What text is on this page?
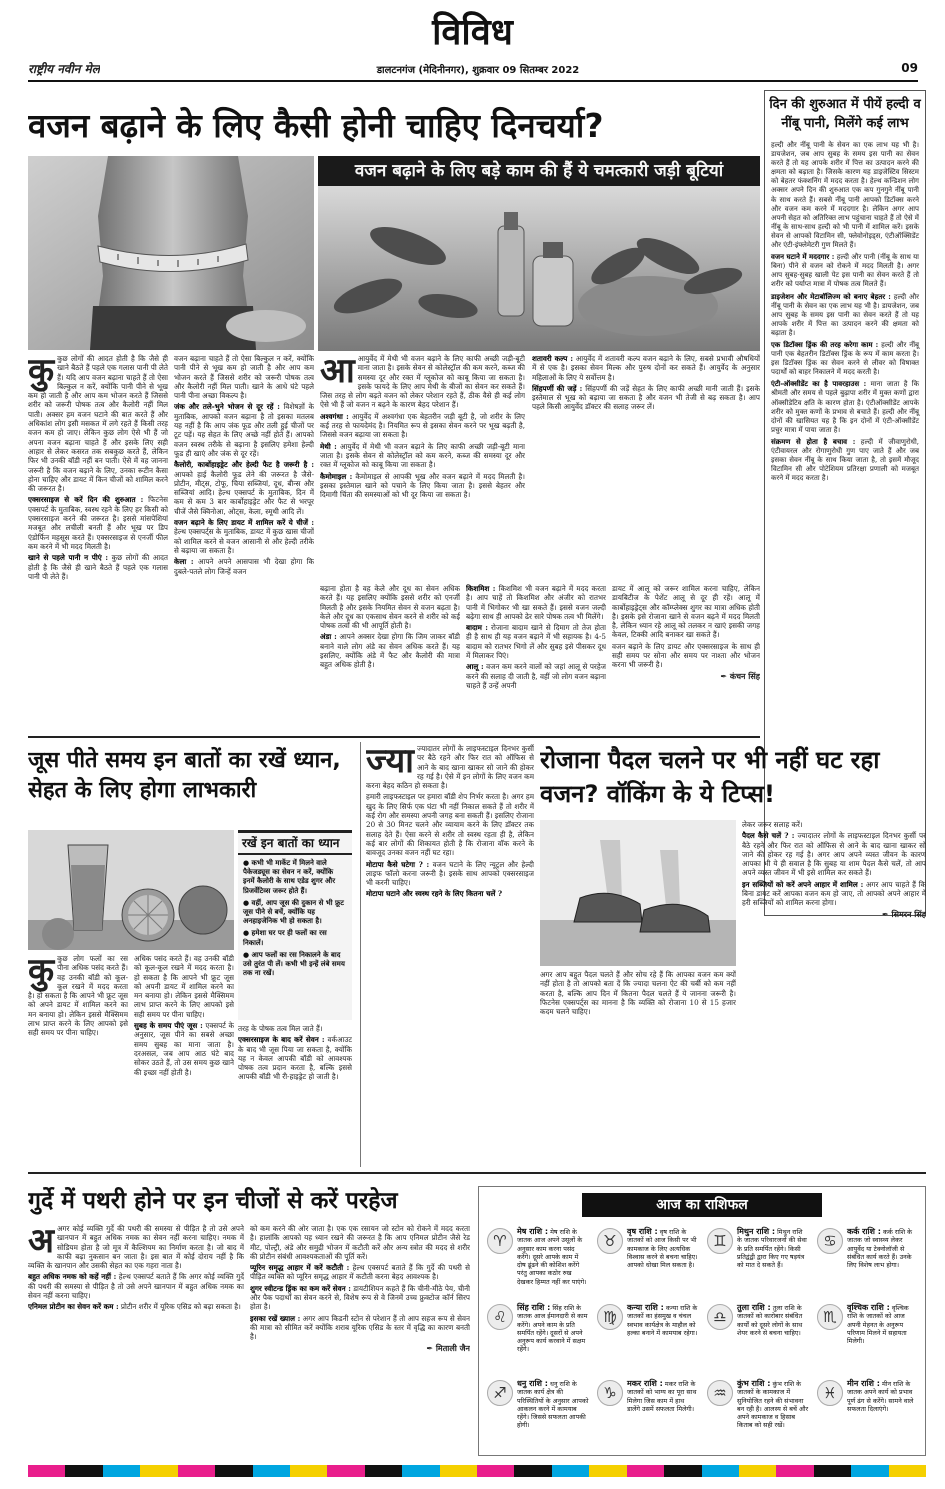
विविध
राष्ट्रीय नवीन मेल	डालटनगंज (मेदिनीनगर), शुक्रवार 09 सितम्बर 2022	09
वजन बढ़ाने के लिए कैसी होनी चाहिए दिनचर्या?
वजन बढ़ाने के लिए बड़े काम की हैं ये चमत्कारी जड़ी बूटियां

कुकुछ लोगों की आदत होती है कि जैसे ही खाने बैठते हैं पहले एक गलास पानी पी लेते हैं। यदि आप वजन बढ़ाना चाहते हैं तो ऐसा बिल्कुल न करें, क्योंकि पानी पीने से भूख कम हो जाती है और आप कम भोजन करते हैं जिससे शरीर को जरूरी पोषक तत्व और कैलोरी नहीं मिल पाती। अक्सर हम वजन घटाने की बात करते हैं और अधिकांश लोग इसी मसकत में लगे रहते हैं किसी तरह वजन कम हो जाए। लेकिन कुछ लोग ऐसे भी हैं जो अपना वजन बढ़ाना चाहते हैं और इसके लिए सही आहार से लेकर कसरत तक सबकुछ करते हैं, लेकिन फिर भी उनकी बॉडी नहीं बन पाती। ऐसे में वह जानना जरूरी है कि वजन बढ़ाने के लिए, उनका रूटीन कैसा होना चाहिए और डायट में किन चीजों को शामिल करने की जरूरत है।

एक्सरसाइज से करें दिन की शुरुआत : फिटनेस एक्सपर्ट के मुताबिक, स्वस्थ रहने के लिए हर किसी को एक्सरसाइज करने की जरूरत है। इससे मांसपेशियां मजबूत और लचीली बनती हैं और भूख पर डिप एंडोर्फिन महसूस करते हैं। एक्सरसाइज से एनर्जी फील कम करने में भी मदद मिलती है।

खाने से पहले पानी न पीएं : कुछ लोगों की आदत होती है कि जैसे ही खाने बैठते हैं पहले एक गलास पानी पी लेते हैं।

वजन बढ़ाना चाहते हैं तो ऐसा बिल्कुल न करें, क्योंकि पानी पीने से भूख कम हो जाती है और आप कम भोजन करते हैं जिससे शरीर को जरूरी पोषक तत्व और कैलोरी नहीं मिल पाती। खाने के आधे घंटे पहले पानी पीना अच्छा विकल्प है।

जंक और तले-भुने भोजन से दूर रहें : विशेषज्ञों के मुताबिक, आपको वजन बढ़ाना है तो इसका मतलब यह नहीं है कि आप जंक फूड और तली हुई चीजों पर टूट पड़ें। यह सेहत के लिए अच्छे नहीं होते हैं। आपको वजन स्वस्थ तरीके से बढ़ाना है इसलिए हमेशा हेल्दी फूड ही खाएं और जंक से दूर रहें।

कैलोरी, कार्बोहाइड्रेट और हेल्दी फैट है जरूरी है : आपको हाई कैलोरी फूड लेने की जरूरत है जैसे- प्रोटीन, मीट्स, टोफू, चिया सब्जियां, दूध, बीन्स और सब्जियां आदि। हेल्थ एक्सपर्ट के मुताबिक, दिन में कम से कम 3 बार कार्बोहाइड्रेट और फैट से भरपूर चीजें जैसे क्विनोआ, ओट्स, केला, स्मूथी आदि लें।

वजन बढ़ाने के लिए डायट में शामिल करें ये चीजें : हेल्थ एक्सपर्ट्स के मुताबिक, डायट में कुछ खास चीजों को शामिल करने से वजन आसानी से और हेल्दी तरीके से बढ़ाया जा सकता है।

केला : आपने अपने आसपास भी देखा होगा कि दुबले-पतले लोग जिन्हें वजन

आआयुर्वेद में मेथी भी वजन बढ़ाने के लिए काफी अच्छी जड़ी-बूटी माना जाता है। इसके सेवन से कोलेस्ट्रॉल की कम करने, कब्ज की समस्या दूर और रक्त में ग्लूकोज को काबू किया जा सकता है। इसके फायदे के लिए आप मेथी के बीजों का सेवन कर सकते हैं। जिस तरह से लोग बढ़ते वजन को लेकर परेशान रहते हैं, ठीक वैसे ही कई लोग ऐसे भी हैं जो वजन न बढ़ने के कारण बेहद परेशान हैं।

अश्वगंधा : आयुर्वेद में अश्वगंधा एक बेहतरीन जड़ी बूटी है, जो शरीर के लिए कई तरह से फायदेमंद है। नियमित रूप से इसका सेवन करने पर भूख बढ़ती है, जिससे वजन बढ़ाया जा सकता है।

मेथी : आयुर्वेद में मेथी भी वजन बढ़ाने के लिए काफी अच्छी जड़ी-बूटी माना जाता है। इसके सेवन से कोलेस्ट्रॉल को कम करने, कब्ज की समस्या दूर और रक्त में ग्लूकोज को काबू किया जा सकता है।

कैमोमाइल : कैमोमाइल से आपकी भूख और वजन बढ़ाने में मदद मिलती है। इसका इस्तेमाल खाने को पचाने के लिए किया जाता है। इससे बेहतर और दिमागी चिंता की समस्याओं को भी दूर किया जा सकता है।

शतावरी कल्प : आयुर्वेद में शतावरी कल्प वजन बढ़ाने के लिए, सबसे प्रभावी औषधियों में से एक है। इसका सेवन मिल्क और पुरुष दोनों कर सकते हैं। आयुर्वेद के अनुसार महिलाओं के लिए ये सर्वोत्तम है।

सिंहपर्णी की जड़ें : सिंहपर्णी की जड़ें सेहत के लिए काफी अच्छी मानी जाती हैं। इसके इस्तेमाल से भूख को बढ़ाया जा सकता है और वजन भी तेजी से बढ़ सकता है। आप पहले किसी आयुर्वेद डॉक्टर की सलाह जरूर लें।

बढ़ाना होता है वह केले और दूध का सेवन अधिक करते हैं। यह इसलिए क्योंकि इससे शरीर को एनर्जी मिलती है और इसके नियमित सेवन से वजन बढ़ता है। केले और दूध का एकसाथ सेवन करने से शरीर को कई पोषक तत्वों की भी आपूर्ति होती है।

अंडा : आपने अक्सर देखा होगा कि जिम जाकर बॉडी बनाने वाले लोग अंडे का सेवन अधिक करते हैं। यह इसलिए, क्योंकि अंडे में फैट और कैलोरी की मात्रा बहुत अधिक होती है।

किशमिश : किशमिश भी वजन बढ़ाने में मदद करता है। आप चाहें तो किशमिश और अंजीर को रातभर पानी में भिगोकर भी खा सकते हैं। इससे वजन जल्दी बढ़ेगा साथ ही आपको ढेर सारे पोषक तत्व भी मिलेंगे।

बादाम : रोजाना बादाम खाने से दिमाग तो तेज होता ही है साथ ही यह वजन बढ़ाने में भी सहायक है। 4-5 बादाम को रातभर भिगो लें और सुबह इसे पीसकर दूध में मिलाकर पिएं।

आलू : वजन कम करने वालों को जहां आलू से परहेज करने की सलाह दी जाती है, वहीं जो लोग वजन बढ़ाना चाहते हैं उन्हें अपनी

डायट में आलू को जरूर शामिल करना चाहिए, लेकिन डायबिटीज के पेशेंट आलू से दूर ही रहें। आलू में कार्बोहाइड्रेट्स और कॉम्प्लेक्स शुगर का मात्रा अधिक होती है। इसके इसे रोजाना खाने से वजन बढ़ने में मदद मिलती है, लेकिन ध्यान रहे आलू को तलकर न खाएं इसकी जगह केवल, टिक्की आदि बनाकर खा सकते हैं।

वजन बढ़ाने के लिए डायट और एक्सरसाइज के साथ ही सही समय पर सोना और समय पर नाश्ता और भोजन करना भी जरूरी है।

✒ कंचन सिंह
दिन की शुरुआत में पीयें हल्दी व नींबू पानी, मिलेंगे कई लाभ

हल्दी और नींबू पानी के सेवन का एक लाभ यह भी है। डायजेशन, जब आप सुबह के समय इस पानी का सेवन करते हैं तो यह आपके शरीर में पित्त का उत्पादन करने की क्षमता को बढ़ाता है। जिसके कारण यह डाइजेस्टिव सिस्टम को बेहतर फंक्शनिंग में मदद करता है। हेल्थ कन्डिशन लोग अक्सर अपने दिन की शुरुआत एक कप गुनगुने नींबू पानी के साथ करते हैं। सबसे नींबू पानी आपको डिटॉक्स करने और वजन कम करने में मददगार है। लेकिन अगर आप अपनी सेहत को अतिरिक्त लाभ पहुंचाना चाहते हैं तो ऐसे में नींबू के साथ-साथ हल्दी को भी पानी में शामिल करें। इसके सेवन से आपको विटामिन सी, फ्लेवोनोइड्स, एंटीऑक्सिडेंट और एंटी-इंफ्लेमेटरी गुण मिलते हैं।

वजन घटाने में मददगार : हल्दी और पानी (नींबू के साथ या बिना) पीने से वजन को रोकने में मदद मिलती है। अगर आप सुबह-सुबह खाली पेट इस पानी का सेवन करते हैं तो शरीर को पर्याप्त मात्रा में पोषक तत्व मिलते हैं।

डाइजेशन और मेटाबॉलिज्म को बनाए बेहतर : हल्दी और नींबू पानी के सेवन का एक लाभ यह भी है। डायजेशन, जब आप सुबह के समय इस पानी का सेवन करते हैं तो यह आपके शरीर में पित्त का उत्पादन करने की क्षमता को बढ़ाता है।

एक डिटॉक्स ड्रिंक की तरह करेगा काम : हल्दी और नींबू पानी एक बेहतरीन डिटॉक्स ड्रिंक के रूप में काम करता है। इस डिटॉक्स ड्रिंक का सेवन करने से लीवर को विषाक्त पदार्थों को बाहर निकालने में मदद करती है।

एंटी-ऑक्सीडेंट का है पावरहाउस : माना जाता है कि श्रीमती और समय से पहले बुढ़ापा शरीर में मुक्त कणों द्वारा ऑक्सीडेटिव क्षति के कारण होता है। एंटीऑक्सीडेंट आपके शरीर को मुक्त कणों के प्रभाव से बचाते हैं। हल्दी और नींबू दोनों की खासियत यह है कि इन दोनों में एंटी-ऑक्सीडेंट प्रचुर मात्रा में पाया जाता है।

संक्रमण से होता है बचाव : हल्दी में जीवाणुरोधी, एंटीवायरल और रोगाणुरोधी गुण पाए जाते हैं और जब इसका सेवन नींबू के साथ किया जाता है, तो इसमें मौजूद विटामिन सी और पोटेशियम प्रतिरक्षा प्रणाली को मजबूत करने में मदद करता है।

जूस पीते समय इन बातों का रखें ध्यान, सेहत के लिए होगा लाभकारी
रखें इन बातों का ध्यान
● कभी भी मार्केट में मिलने वाले पैकेजड्यूस का सेवन न करें, क्योंकि इनमें कैलोरी के साथ एडेड शुगर और प्रिजर्वेटिव्स जरूर होते हैं।
● वहीं, आप जूस की दुकान से भी फ्रूट जूस पीने से बचें, क्योंकि यह अनहाइजेनिक भी हो सकता है।
● हमेशा घर पर ही फलों का रस निकालें।
● आप फलों का रस निकालने के बाद उसे तुरंत पी लें। कभी भी इन्हें लंबे समय तक ना रखें।

कुकुछ लोग फलों का रस पीना अधिक पसंद करते हैं। वह उनकी बॉडी को कूल-कूल रखने में मदद करता है। हो सकता है कि आपने भी फ्रूट जूस को अपने डायट में शामिल करने का मन बनाया हो। लेकिन इससे मैक्सिमम लाभ प्राप्त करने के लिए आपको इसे सही समय पर पीना चाहिए।

अधिक पसंद करते हैं। वह उनकी बॉडी को कूल-कूल रखने में मदद करता है। हो सकता है कि आपने भी फ्रूट जूस को अपनी डायट में शामिल करने का मन बनाया हो। लेकिन इससे मैक्सिमम लाभ प्राप्त करने के लिए आपको इसे सही समय पर पीना चाहिए।

सुबह के समय पीएं जूस : एक्सपर्ट के अनुसार, जूस पीने का सबसे अच्छा समय सुबह का माना जाता है। दरअसल, जब आप आठ घंटे बाद सोकर उठते हैं, तो उस समय कुछ खाने की इच्छा नहीं होती है।

तरह के पोषक तत्व मिल जाते हैं।

एक्सरसाइज के बाद करें सेवन : वर्कआउट के बाद भी जूस पिया जा सकता है, क्योंकि यह न केवल आपकी बॉडी को आवश्यक पोषक तत्व प्रदान करता है, बल्कि इससे आपकी बॉडी भी री-हाइड्रेट हो जाती है।

ज्या ज्यादातर लोगों के लाइफस्टाइल दिनभर कुर्सी पर बैठे रहने और फिर रात को ऑफिस से आने के बाद खाना खाकर सो जाने की होकर रह गई है। ऐसे में इन लोगों के लिए वजन कम करना बेहद कठिन हो सकता है।

हमारी लाइफस्टाइल पर हमारा बॉडी शेप निर्भर करता है। अगर हम खुद के लिए सिर्फ एक घंटा भी नहीं निकाल सकते हैं तो शरीर में कई रोग और समस्या अपनी जगह बना सकती हैं। इसलिए रोजाना 20 से 30 मिनट चलने और व्यायाम करने के लिए डॉक्टर तक सलाह देते हैं। ऐसा करने से शरीर तो स्वस्थ रहता ही है, लेकिन कई बार लोगों की शिकायत होती है कि रोजाना वॉक करने के बावजूद उनका वजन नहीं घट रहा।

मोटापा कैसे घटेगा ? : वजन घटाने के लिए न्यूट्रल और हेल्दी लाइफ फॉलो करना जरूरी है। इसके साथ आपको एक्सरसाइज भी करनी चाहिए।

मोटापा घटाने और स्वस्थ रहने के लिए कितना चलें ?

रोजाना पैदल चलने पर भी नहीं घट रहा वजन? वॉकिंग के ये टिप्स!

अगर आप बहुत पैदल चलते हैं और सोच रहे हैं कि आपका वजन कम क्यों नहीं होता है तो आपको बता दें कि ज्यादा चलना ऐट की चर्बी को कम नहीं करता है, बल्कि आप दिन में कितना पैदल चलते हैं ये जानना जरूरी है। फिटनेस एक्सपर्ट्स का मानना है कि व्यक्ति को रोजाना 10 से 15 हजार कदम चलने चाहिए।

लेकर जरूर सलाह करें।

पैदल कैसे चलें ? : ज्यादातर लोगों के लाइफस्टाइल दिनभर कुर्सी पर बैठे रहने और फिर रात को ऑफिस से आने के बाद खाना खाकर सो जाने की होकर रह गई है। अगर आप अपने व्यस्त जीवन के कारण आपका भी ये ही सवाल है कि सुबह या शाम पैदल कैसे चलें, तो आप अपने व्यस्त जीवन में भी इसे शामिल कर सकते हैं।

इन सब्जियों को करें अपने आहार में शामिल : अगर आप चाहते हैं कि बिना डायट करें आपका वजन कम हो जाए, तो आपको अपने आहार में हरी सब्जियों को शामिल करना होगा।

✒ सिमरन सिंह
गुर्दे में पथरी होने पर इन चीजों से करें परहेज

अअगर कोई व्यक्ति गुर्दे की पथरी की समस्या से पीड़ित है तो उसे अपने खानपान में बहुत अधिक नमक का सेवन नहीं करना चाहिए। नमक में सोडियम होता है जो मूत्र में कैल्शियम का निर्माण करता है। जो बाद में काफी बढ़ा नुकसान बन जाता है। इस बात में कोई दोराय नहीं है कि व्यक्ति के खानपान और उसकी सेहत का एक गहरा नाता है।

बहुत अधिक नमक को कहें नहीं : हेल्थ एक्सपर्ट बताते हैं कि अगर कोई व्यक्ति गुर्दे की पथरी की समस्या से पीड़ित है तो उसे अपने खानपान में बहुत अधिक नमक का सेवन नहीं करना चाहिए।

एनिमल प्रोटीन का सेवन करें कम : प्रोटीन शरीर में यूरिक एसिड को बढ़ा सकता है।

को कम करने की ओर जाता है। एक एक रसायन जो स्टोन को रोकने में मदद करता है। हालांकि आपको यह ध्यान रखने की जरूरत है कि आप एनिमल प्रोटीन जैसे रेड मीट, पोल्ट्री, अंडे और समुद्री भोजन में कटौती करें और अन्य स्त्रोत की मदद से शरीर की प्रोटीन संबंधी आवश्यकताओं की पूर्ति करें।

प्यूरिन समृद्ध आहार में करें कटौती : हेल्थ एक्सपर्ट बताते हैं कि गुर्दे की पथरी से पीड़ित व्यक्ति को प्यूरिन समृद्ध आहार में कटौती करना बेहद आवश्यक है।

शुगर स्वीटन्ड ड्रिंक का कम करें सेवन : डायटीशियन कहते हैं कि चीनी-मीठे पेय, चीनी और पैक पदार्थों का सेवन करने से, विशेष रूप से वे जिनमें उच्च फ्रुक्टोज कॉर्न सिरप होता है।

इसका रखें ख्याल : अगर आप किडनी स्टोन से परेशान हैं तो आप सहज रूप से सेवन की मात्रा को सीमित करें क्योंकि शराब यूरिक एसिड के स्तर में वृद्धि का कारण बनती है।

✒ मिताली जैन
आज का राशिफल
♈
मेष राशि : मेष राशि के जातक आज अपने उसूलों के अनुसार काम करना पसंद करेंगे। दूसरे आपके काम में दोष ढूंढने की कोशिश करेंगे परंतु आपका कठोर रुख देखकर हिम्मत नहीं कर पाएंगे।
♉
वृष राशि : वृष राशि के जातकों को आज किसी पर भी कामकाज के लिए अत्यधिक विश्वास करने से बचना चाहिए। आपको धोखा मिल सकता है।
♊
मिथुन राशि : मिथुन राशि के जातक परिवारजनों की सेवा के प्रति समर्पित रहेंगे। किसी प्रतिद्वंद्वी द्वारा किए गए षड़यंत्र को मात दे सकते हैं।
♋
कर्क राशि : कर्क राशि के जातक जो स्वास्थ्य लेकर आयुर्वेद या टेक्नोलॉजी से संबंधित कार्य करते हैं। उनके लिए विशेष लाभ होगा।
♌
सिंह राशि : सिंह राशि के जातक आज ईमानदारी से काम करेंगे। अपने काम के प्रति समर्पित रहेंगे। दूसरों से अपने अनुरूप कार्य करवाने में सक्षम रहेंगे।
♍
कन्या राशि : कन्या राशि के जातकों का हंसमुख व चंचल स्वभाव कार्यक्षेत्र के माहौल को हल्का बनाने में कामयाब रहेगा।
♎
तुला राशि : तुला राशि के जातकों को कारोबार संबंधित कार्यों को दूसरे लोगों के साथ शेयर करने से बचना चाहिए।
♏
वृश्चिक राशि : वृश्चिक राशि के जातकों को आज अपनी मेहनत के अनुरूप परिणाम मिलने में सहायता मिलेगी।
♐
धनु राशि : धनु राशि के जातक कार्य क्षेत्र की परिस्थितियों के अनुसार आपको आकलन करने में कामयाब रहेंगे। जिससे सफलता आपकी होगी।
♑
मकर राशि : मकर राशि के जातकों को भाग्य का पूरा साथ मिलेगा जिस काम में हाथ डालेंगे उसमें सफलता मिलेगी।
♒
कुंभ राशि : कुंभ राशि के जातकों के कामकाज में सुनियोजित रहने की संभावना बन रही है। आलस्य से बचें और अपने कामकाज व हिसाब किताब को सही रखें।
♓
मीन राशि : मीन राशि के जातक अपने कार्य को प्रभाव पूर्ण ढंग से करेंगे। सामने वाले सफलता दिलाएंगे।
